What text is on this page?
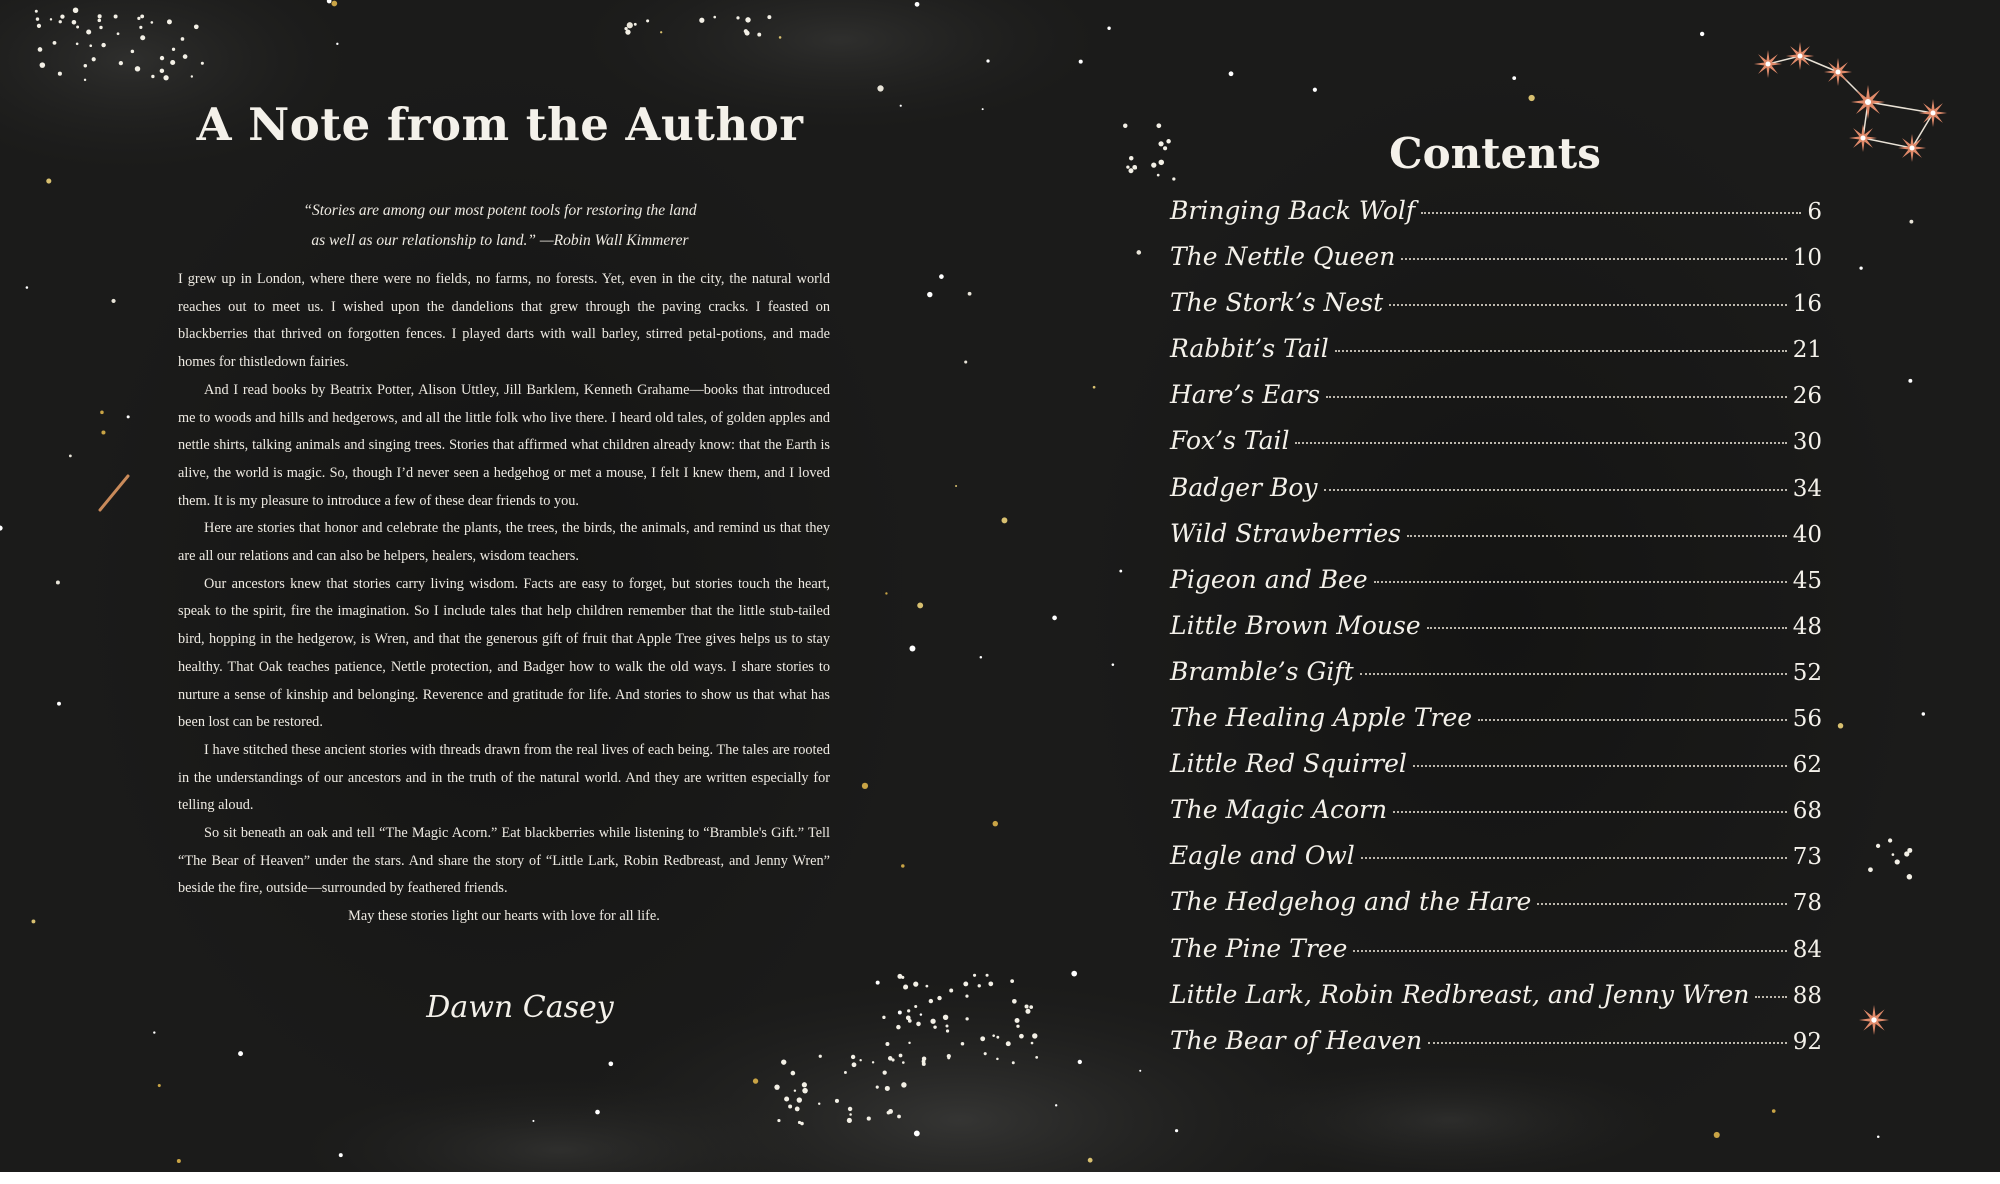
A Note from the Author
“Stories are among our most potent tools for restoring the land
as well as our relationship to land.” —Robin Wall Kimmerer

I grew up in London, where there were no fields, no farms, no forests. Yet, even in the city, the natural world reaches out to meet us. I wished upon the dandelions that grew through the paving cracks. I feasted on blackberries that thrived on forgotten fences. I played darts with wall barley, stirred petal-potions, and made homes for thistledown fairies.

And I read books by Beatrix Potter, Alison Uttley, Jill Barklem, Kenneth Grahame—books that introduced me to woods and hills and hedgerows, and all the little folk who live there. I heard old tales, of golden apples and nettle shirts, talking animals and singing trees. Stories that affirmed what children already know: that the Earth is alive, the world is magic. So, though I’d never seen a hedgehog or met a mouse, I felt I knew them, and I loved them. It is my pleasure to introduce a few of these dear friends to you.

Here are stories that honor and celebrate the plants, the trees, the birds, the animals, and remind us that they are all our relations and can also be helpers, healers, wisdom teachers.

Our ancestors knew that stories carry living wisdom. Facts are easy to forget, but stories touch the heart, speak to the spirit, fire the imagination. So I include tales that help children remember that the little stub-tailed bird, hopping in the hedgerow, is Wren, and that the generous gift of fruit that Apple Tree gives helps us to stay healthy. That Oak teaches patience, Nettle protection, and Badger how to walk the old ways. I share stories to nurture a sense of kinship and belonging. Reverence and gratitude for life. And stories to show us that what has been lost can be restored.

I have stitched these ancient stories with threads drawn from the real lives of each being. The tales are rooted in the understandings of our ancestors and in the truth of the natural world. And they are written especially for telling aloud.

So sit beneath an oak and tell “The Magic Acorn.” Eat blackberries while listening to “Bramble's Gift.” Tell “The Bear of Heaven” under the stars. And share the story of “Little Lark, Robin Redbreast, and Jenny Wren” beside the fire, outside—surrounded by feathered friends.

May these stories light our hearts with love for all life.

Dawn Casey
Contents
Bringing Back Wolf	6
The Nettle Queen	10
The Stork’s Nest	16
Rabbit’s Tail	21
Hare’s Ears	26
Fox’s Tail	30
Badger Boy	34
Wild Strawberries	40
Pigeon and Bee	45
Little Brown Mouse	48
Bramble’s Gift	52
The Healing Apple Tree	56
Little Red Squirrel	62
The Magic Acorn	68
Eagle and Owl	73
The Hedgehog and the Hare	78
The Pine Tree	84
Little Lark, Robin Redbreast, and Jenny Wren 88
The Bear of Heaven	92
